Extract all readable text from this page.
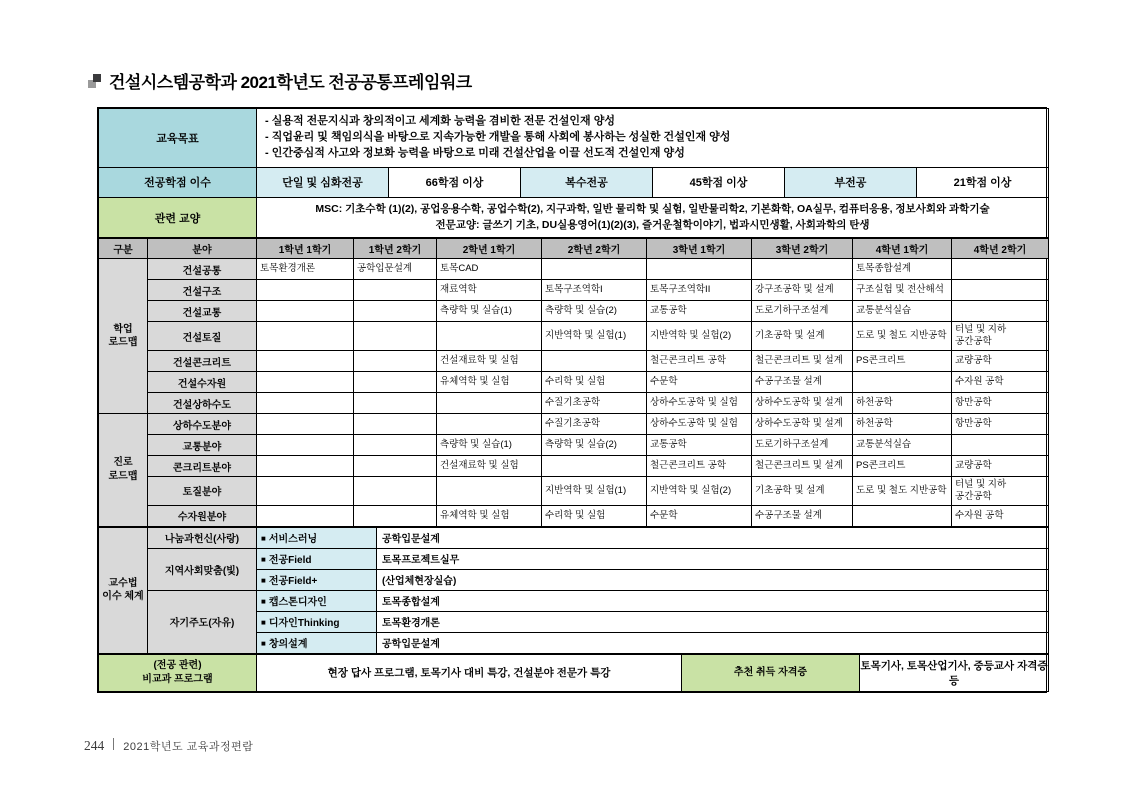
건설시스템공학과 2021학년도 전공공통프레임워크
교육목표	- 실용적 전문지식과 창의적이고 세계화 능력을 겸비한 전문 건설인재 양성
- 직업윤리 및 책임의식을 바탕으로 지속가능한 개발을 통해 사회에 봉사하는 성실한 건설인재 양성
- 인간중심적 사고와 정보화 능력을 바탕으로 미래 건설산업을 이끌 선도적 건설인재 양성					

전공학점 이수	단일 및 심화전공	66학점 이상	복수전공	45학점 이상	부전공	21학점 이상
관련 교양	MSC: 기초수학 (1)(2), 공업응용수학, 공업수학(2), 지구과학, 일반 물리학 및 실험, 일반물리학2, 기본화학, OA실무, 컴퓨터응용, 정보사회와 과학기술
전문교양: 글쓰기 기초, DU실용영어(1)(2)(3), 즐거운철학이야기, 법과시민생활, 사회과학의 탄생					
구분	분야	1학년 1학기	1학년 2학기	2학년 1학기	2학년 2학기	3학년 1학기	3학년 2학기	4학년 1학기	4학년 2학기
학업 로드맵	건설공통	토목환경개론	공학입문설계	토목CAD				토목종합설계	
	건설구조			재료역학	토목구조역학I	토목구조역학II	강구조공학 및 설계	구조실험 및 전산해석	
	건설교통			측량학 및 실습(1)	측량학 및 실습(2)	교통공학	도로기하구조설계	교통분석실습	
	건설토질				지반역학 및 실험(1)	지반역학 및 실험(2)	기초공학 및 설계	도로 및 철도 지반공학	터널 및 지하 공간공학
	건설콘크리트			건설재료학 및 실험		철근콘크리트 공학	철근콘크리트 및 설계	PS콘크리트	교량공학
	건설수자원			유체역학 및 실험	수리학 및 실험	수문학	수공구조물 설계		수자원 공학
	건설상하수도				수질기초공학	상하수도공학 및 실험	상하수도공학 및 설계	하천공학	항만공학
진로 로드맵	상하수도분야				수질기초공학	상하수도공학 및 실험	상하수도공학 및 설계	하천공학	항만공학
	교통분야			측량학 및 실습(1)	측량학 및 실습(2)	교통공학	도로기하구조설계	교통분석실습	
	콘크리트분야			건설재료학 및 실험		철근콘크리트 공학	철근콘크리트 및 설계	PS콘크리트	교량공학
	토질분야				지반역학 및 실험(1)	지반역학 및 실험(2)	기초공학 및 설계	도로 및 철도 지반공학	터널 및 지하 공간공학
	수자원분야			유체역학 및 실험	수리학 및 실험	수문학	수공구조물 설계		수자원 공학
교수법 이수 체계	나눔과헌신(사랑)	■ 서비스러닝	공학입문설계
	지역사회맞춤(빛)	■ 전공Field	토목프로젝트실무
		■ 전공Field+	(산업체현장실습)
	자기주도(자유)	■ 캡스톤디자인	토목종합설계
		■ 디자인Thinking	토목환경개론
		■ 창의설계	공학입문설계
(전공 관련)
비교과 프로그램	현장 답사 프로그램, 토목기사 대비 특강, 건설분야 전문가 특강	추천 취득 자격증	토목기사, 토목산업기사, 중등교사 자격증 등
244 2021학년도 교육과정편람
